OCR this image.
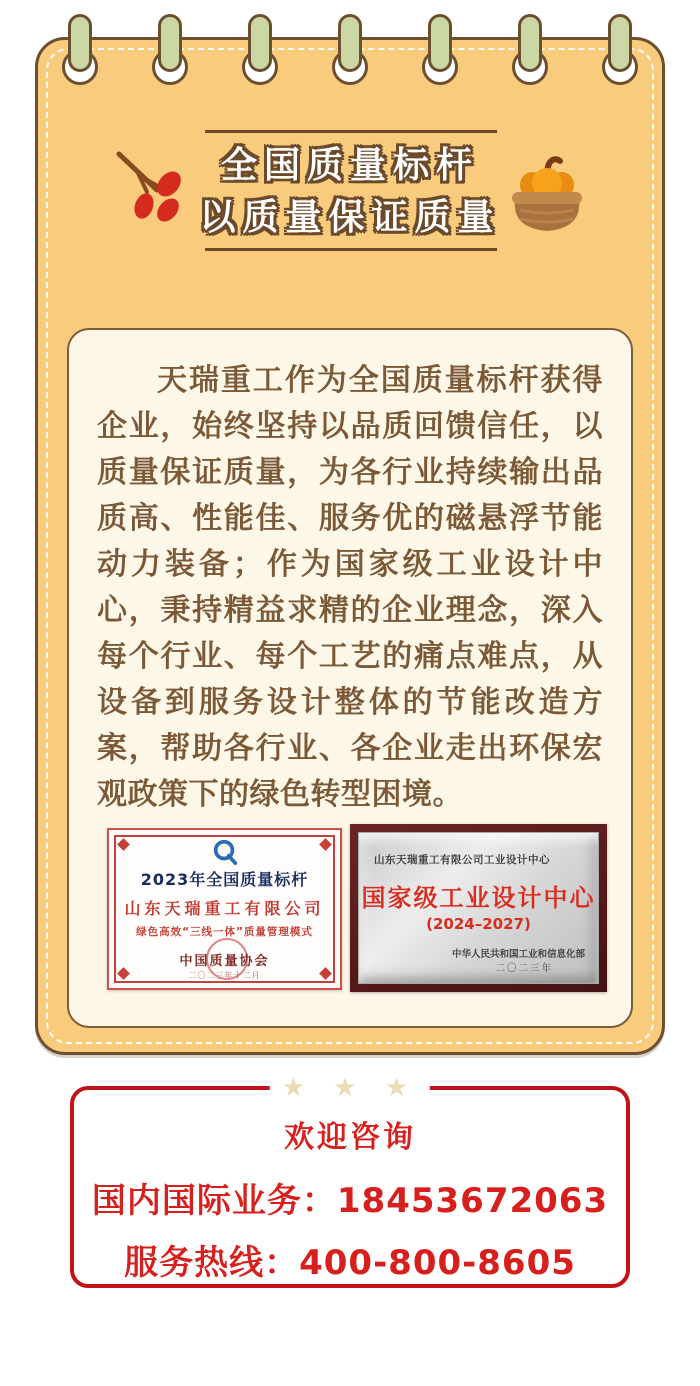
全国质量标杆
以质量保证质量
天瑞重工作为全国质量标杆获得企业，始终坚持以品质回馈信任，以质量保证质量，为各行业持续输出品质高、性能佳、服务优的磁悬浮节能动力装备；作为国家级工业设计中心，秉持精益求精的企业理念，深入每个行业、每个工艺的痛点难点，从设备到服务设计整体的节能改造方案，帮助各行业、各企业走出环保宏观政策下的绿色转型困境。
2023年全国质量标杆
山东天瑞重工有限公司
绿色高效“三线一体”质量管理模式
中国质量协会
二〇二三年十二月
山东天瑞重工有限公司工业设计中心
国家级工业设计中心
(2024–2027)
中华人民共和国工业和信息化部
二〇二三年
★ ★ ★
欢迎咨询
国内国际业务：18453672063
服务热线：400-800-8605
